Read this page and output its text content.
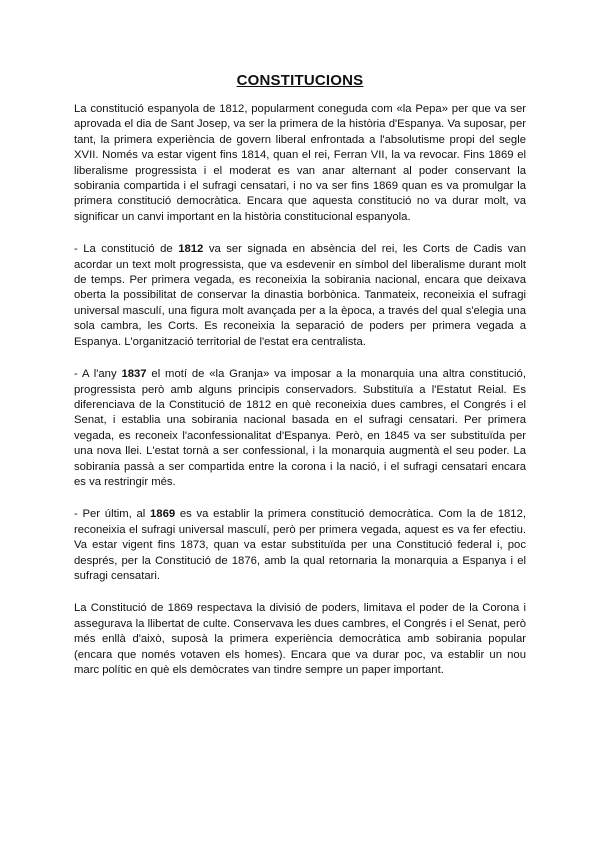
CONSTITUCIONS

La constitució espanyola de 1812, popularment coneguda com «la Pepa» per que va ser aprovada el dia de Sant Josep, va ser la primera de la història d'Espanya. Va suposar, per tant, la primera experiència de govern liberal enfrontada a l'absolutisme propi del segle XVII. Només va estar vigent fins 1814, quan el rei, Ferran VII, la va revocar. Fins 1869 el liberalisme progressista i el moderat es van anar alternant al poder conservant la sobirania compartida i el sufragi censatari, i no va ser fins 1869 quan es va promulgar la primera constitució democràtica. Encara que aquesta constitució no va durar molt, va significar un canvi important en la història constitucional espanyola.

- La constitució de 1812 va ser signada en absència del rei, les Corts de Cadis van acordar un text molt progressista, que va esdevenir en símbol del liberalisme durant molt de temps. Per primera vegada, es reconeixia la sobirania nacional, encara que deixava oberta la possibilitat de conservar la dinastia borbònica. Tanmateix, reconeixia el sufragi universal masculí, una figura molt avançada per a la època, a través del qual s'elegia una sola cambra, les Corts. Es reconeixia la separació de poders per primera vegada a Espanya. L'organització territorial de l'estat era centralista.

- A l'any 1837 el motí de «la Granja» va imposar a la monarquia una altra constitució, progressista però amb alguns principis conservadors. Substituïa a l'Estatut Reial. Es diferenciava de la Constitució de 1812 en què reconeixia dues cambres, el Congrés i el Senat, i establia una sobirania nacional basada en el sufragi censatari. Per primera vegada, es reconeix l'aconfessionalitat d'Espanya. Però, en 1845 va ser substituïda per una nova llei. L'estat tornà a ser confessional, i la monarquia augmentà el seu poder. La sobirania passà a ser compartida entre la corona i la nació, i el sufragi censatari encara es va restringir més.

- Per últim, al 1869 es va establir la primera constitució democràtica. Com la de 1812, reconeixia el sufragi universal masculí, però per primera vegada, aquest es va fer efectiu. Va estar vigent fins 1873, quan va estar substituïda per una Constitució federal i, poc després, per la Constitució de 1876, amb la qual retornaria la monarquia a Espanya i el sufragi censatari.

La Constitució de 1869 respectava la divisió de poders, limitava el poder de la Corona i assegurava la llibertat de culte. Conservava les dues cambres, el Congrés i el Senat, però més enllà d'això, suposà la primera experiència democràtica amb sobirania popular (encara que només votaven els homes). Encara que va durar poc, va establir un nou marc polític en què els demòcrates van tindre sempre un paper important.
